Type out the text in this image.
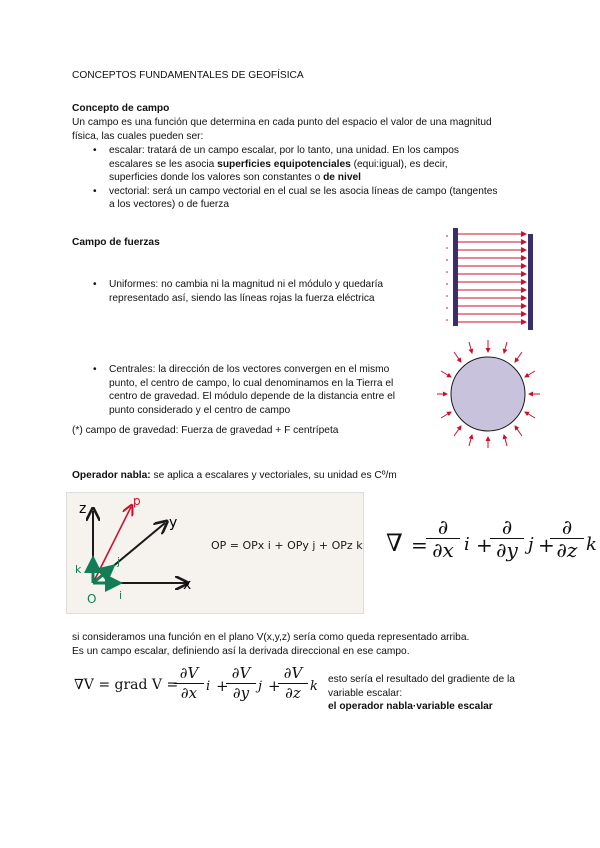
CONCEPTOS FUNDAMENTALES DE GEOFÍSICA
Concepto de campo
Un campo es una función que determina en cada punto del espacio el valor de una magnitud física, las cuales pueden ser:
• escalar: tratará de un campo escalar, por lo tanto, una unidad. En los campos escalares se les asocia superficies equipotenciales (equi:igual), es decir, superficies donde los valores son constantes o de nivel
• vectorial: será un campo vectorial en el cual se les asocia líneas de campo (tangentes a los vectores) o de fuerza
Campo de fuerzas
• Uniformes: no cambia ni la magnitud ni el módulo y quedaría representado así, siendo las líneas rojas la fuerza eléctrica
• Centrales: la dirección de los vectores convergen en el mismo punto, el centro de campo, lo cual denominamos en la Tierra el centro de gravedad. El módulo depende de la distancia entre el punto considerado y el centro de campo
(*) campo de gravedad: Fuerza de gravedad + F centrípeta
Operador nabla: se aplica a escalares y vectoriales, su unidad es Cº/m
z
y
x
p
O
k
j
i
OP = OPx i + OPy j + OPz k ∇ =
∂
∂x i +
∂
∂y j +
∂
∂z k
si consideramos una función en el plano V(x,y,z) sería como queda representado arriba.
Es un campo escalar, definiendo así la derivada direccional en ese campo.
∇V = grad V =
$\frac{\partial V}{\partial x}$ i +
$\frac{\partial V}{\partial y}$ j +
$\frac{\partial V}{\partial z}$ k esto sería el resultado del gradiente de la variable escalar:
el operador nabla·variable escalar
